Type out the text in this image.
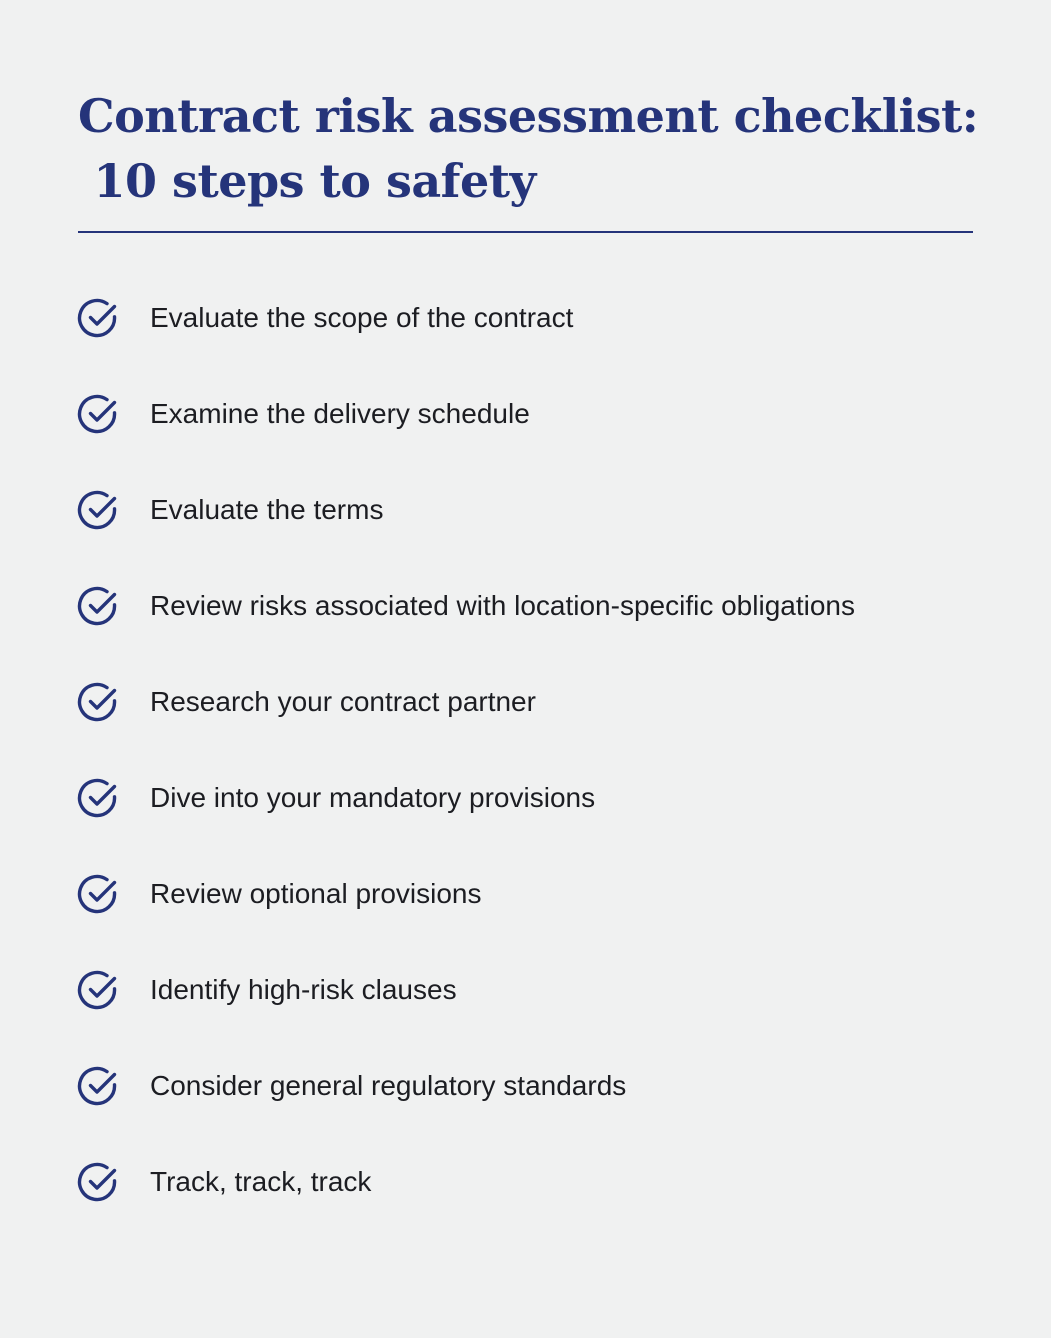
Contract risk assessment checklist:
10 steps to safety
Evaluate the scope of the contract
Examine the delivery schedule
Evaluate the terms
Review risks associated with location-specific obligations
Research your contract partner
Dive into your mandatory provisions
Review optional provisions
Identify high-risk clauses
Consider general regulatory standards
Track, track, track
